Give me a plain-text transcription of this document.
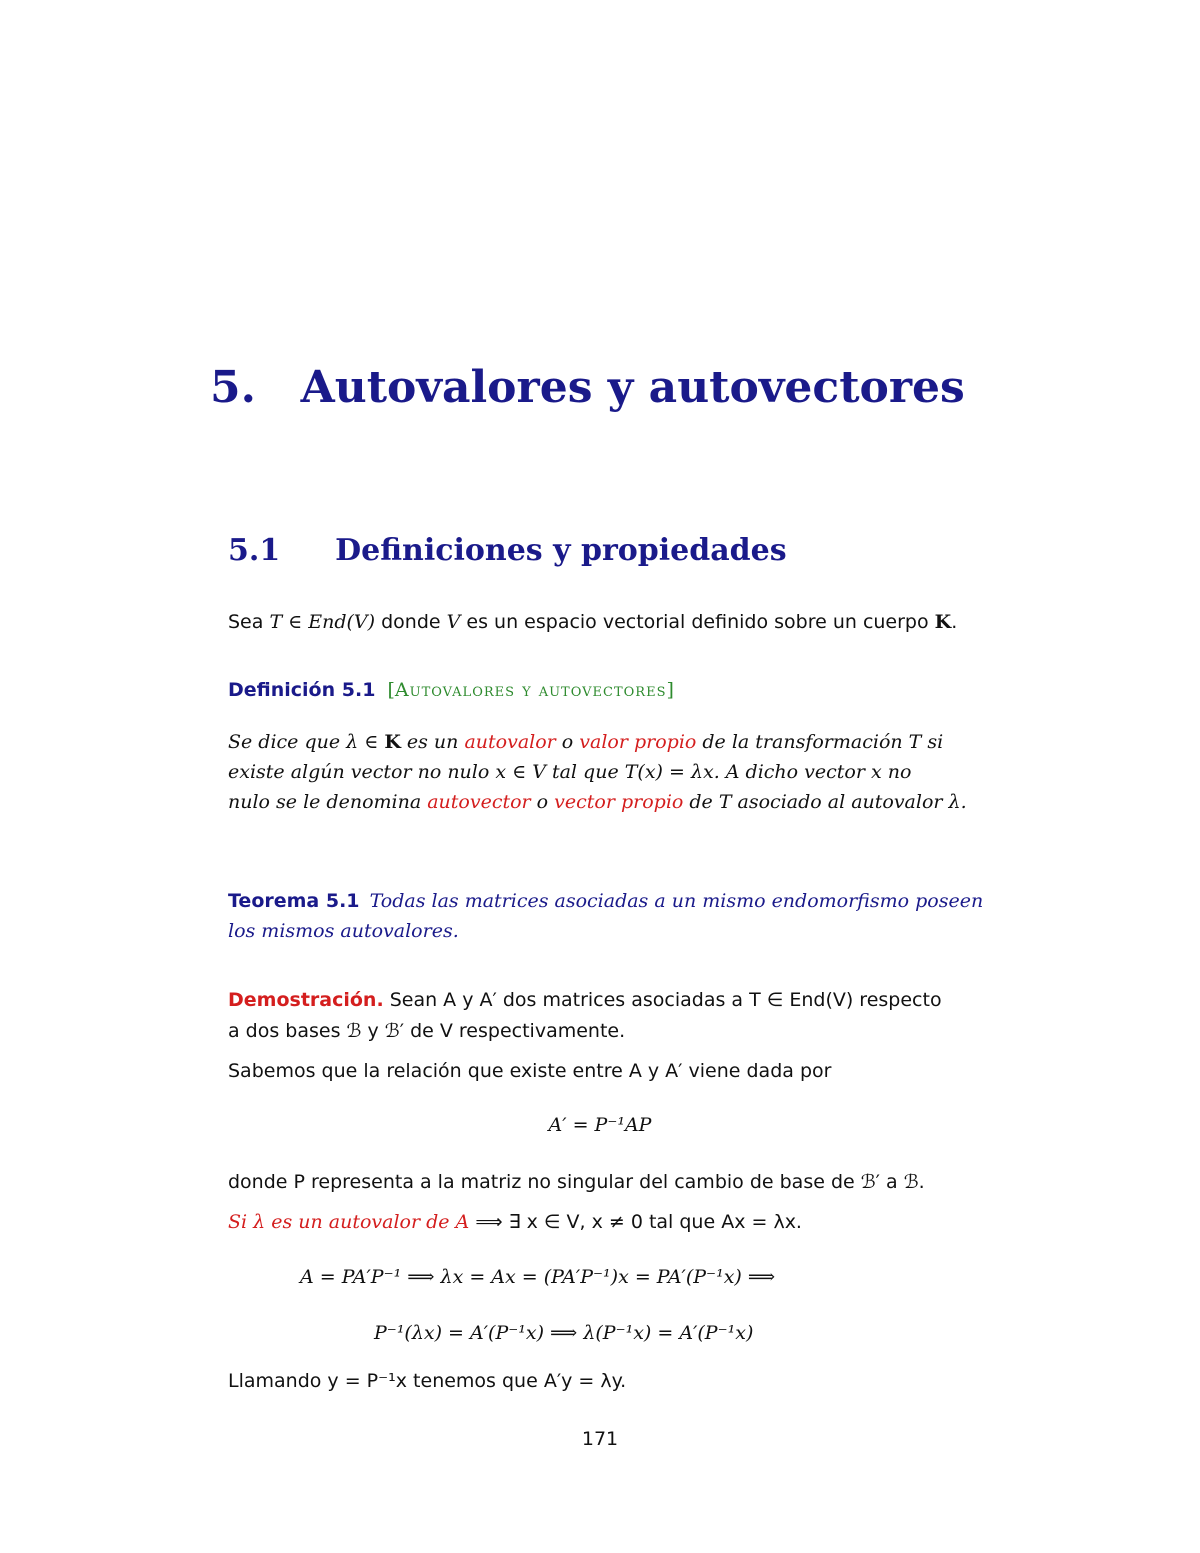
5. Autovalores y autovectores
5.1 Definiciones y propiedades
Sea T ∈ End(V) donde V es un espacio vectorial definido sobre un cuerpo K.
Definición 5.1 [Autovalores y autovectores]
Se dice que λ ∈ K es un autovalor o valor propio de la transformación T si
existe algún vector no nulo x ∈ V tal que T(x) = λx. A dicho vector x no
nulo se le denomina autovector o vector propio de T asociado al autovalor λ.
Teorema 5.1 Todas las matrices asociadas a un mismo endomorfismo poseen
los mismos autovalores.
Demostración. Sean A y A′ dos matrices asociadas a T ∈ End(V) respecto
a dos bases ℬ y ℬ′ de V respectivamente.
Sabemos que la relación que existe entre A y A′ viene dada por
A′ = P⁻¹AP
donde P representa a la matriz no singular del cambio de base de ℬ′ a ℬ.
Si λ es un autovalor de A ⟹ ∃ x ∈ V, x ≠ 0 tal que Ax = λx.
A = PA′P⁻¹ ⟹ λx = Ax = (PA′P⁻¹)x = PA′(P⁻¹x) ⟹
P⁻¹(λx) = A′(P⁻¹x) ⟹ λ(P⁻¹x) = A′(P⁻¹x)
Llamando y = P⁻¹x tenemos que A′y = λy.
171
